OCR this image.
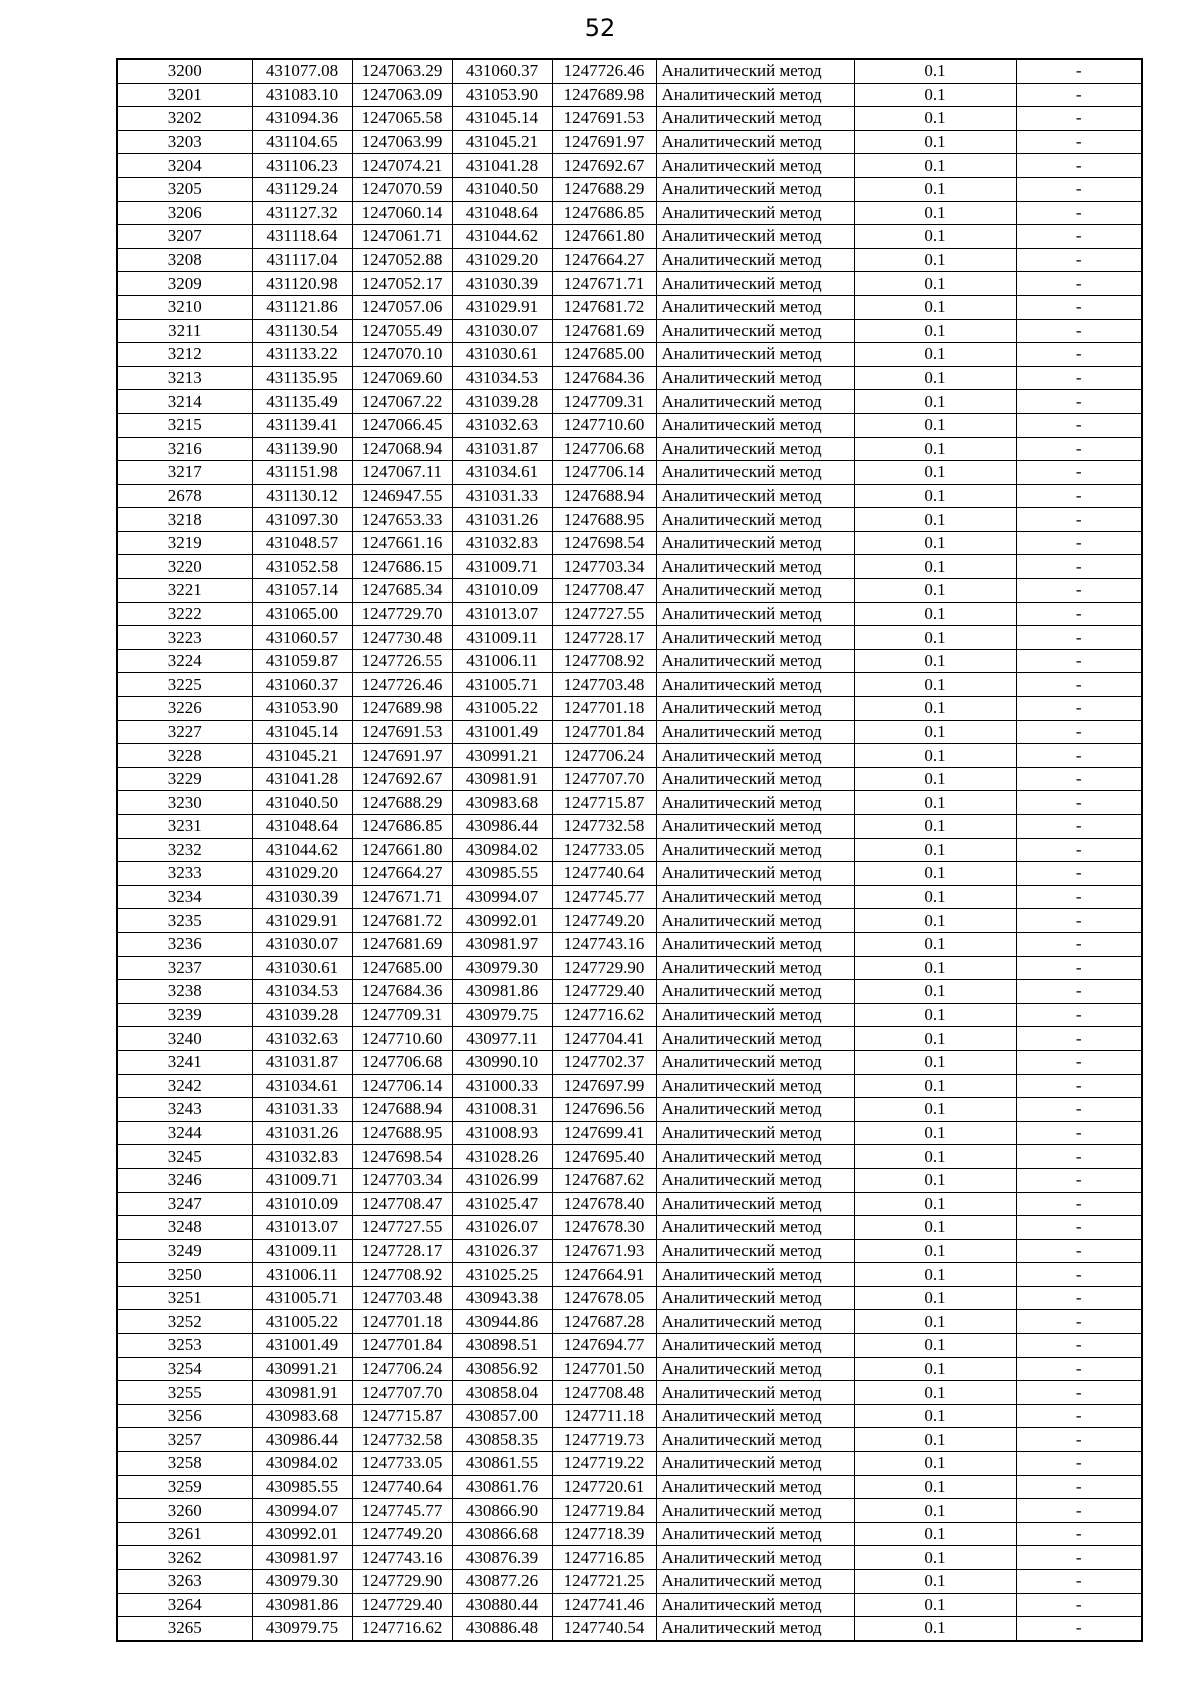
52
3200	431077.08	1247063.29	431060.37	1247726.46	Аналитический метод	0.1	-
3201	431083.10	1247063.09	431053.90	1247689.98	Аналитический метод	0.1	-
3202	431094.36	1247065.58	431045.14	1247691.53	Аналитический метод	0.1	-
3203	431104.65	1247063.99	431045.21	1247691.97	Аналитический метод	0.1	-
3204	431106.23	1247074.21	431041.28	1247692.67	Аналитический метод	0.1	-
3205	431129.24	1247070.59	431040.50	1247688.29	Аналитический метод	0.1	-
3206	431127.32	1247060.14	431048.64	1247686.85	Аналитический метод	0.1	-
3207	431118.64	1247061.71	431044.62	1247661.80	Аналитический метод	0.1	-
3208	431117.04	1247052.88	431029.20	1247664.27	Аналитический метод	0.1	-
3209	431120.98	1247052.17	431030.39	1247671.71	Аналитический метод	0.1	-
3210	431121.86	1247057.06	431029.91	1247681.72	Аналитический метод	0.1	-
3211	431130.54	1247055.49	431030.07	1247681.69	Аналитический метод	0.1	-
3212	431133.22	1247070.10	431030.61	1247685.00	Аналитический метод	0.1	-
3213	431135.95	1247069.60	431034.53	1247684.36	Аналитический метод	0.1	-
3214	431135.49	1247067.22	431039.28	1247709.31	Аналитический метод	0.1	-
3215	431139.41	1247066.45	431032.63	1247710.60	Аналитический метод	0.1	-
3216	431139.90	1247068.94	431031.87	1247706.68	Аналитический метод	0.1	-
3217	431151.98	1247067.11	431034.61	1247706.14	Аналитический метод	0.1	-
2678	431130.12	1246947.55	431031.33	1247688.94	Аналитический метод	0.1	-
3218	431097.30	1247653.33	431031.26	1247688.95	Аналитический метод	0.1	-
3219	431048.57	1247661.16	431032.83	1247698.54	Аналитический метод	0.1	-
3220	431052.58	1247686.15	431009.71	1247703.34	Аналитический метод	0.1	-
3221	431057.14	1247685.34	431010.09	1247708.47	Аналитический метод	0.1	-
3222	431065.00	1247729.70	431013.07	1247727.55	Аналитический метод	0.1	-
3223	431060.57	1247730.48	431009.11	1247728.17	Аналитический метод	0.1	-
3224	431059.87	1247726.55	431006.11	1247708.92	Аналитический метод	0.1	-
3225	431060.37	1247726.46	431005.71	1247703.48	Аналитический метод	0.1	-
3226	431053.90	1247689.98	431005.22	1247701.18	Аналитический метод	0.1	-
3227	431045.14	1247691.53	431001.49	1247701.84	Аналитический метод	0.1	-
3228	431045.21	1247691.97	430991.21	1247706.24	Аналитический метод	0.1	-
3229	431041.28	1247692.67	430981.91	1247707.70	Аналитический метод	0.1	-
3230	431040.50	1247688.29	430983.68	1247715.87	Аналитический метод	0.1	-
3231	431048.64	1247686.85	430986.44	1247732.58	Аналитический метод	0.1	-
3232	431044.62	1247661.80	430984.02	1247733.05	Аналитический метод	0.1	-
3233	431029.20	1247664.27	430985.55	1247740.64	Аналитический метод	0.1	-
3234	431030.39	1247671.71	430994.07	1247745.77	Аналитический метод	0.1	-
3235	431029.91	1247681.72	430992.01	1247749.20	Аналитический метод	0.1	-
3236	431030.07	1247681.69	430981.97	1247743.16	Аналитический метод	0.1	-
3237	431030.61	1247685.00	430979.30	1247729.90	Аналитический метод	0.1	-
3238	431034.53	1247684.36	430981.86	1247729.40	Аналитический метод	0.1	-
3239	431039.28	1247709.31	430979.75	1247716.62	Аналитический метод	0.1	-
3240	431032.63	1247710.60	430977.11	1247704.41	Аналитический метод	0.1	-
3241	431031.87	1247706.68	430990.10	1247702.37	Аналитический метод	0.1	-
3242	431034.61	1247706.14	431000.33	1247697.99	Аналитический метод	0.1	-
3243	431031.33	1247688.94	431008.31	1247696.56	Аналитический метод	0.1	-
3244	431031.26	1247688.95	431008.93	1247699.41	Аналитический метод	0.1	-
3245	431032.83	1247698.54	431028.26	1247695.40	Аналитический метод	0.1	-
3246	431009.71	1247703.34	431026.99	1247687.62	Аналитический метод	0.1	-
3247	431010.09	1247708.47	431025.47	1247678.40	Аналитический метод	0.1	-
3248	431013.07	1247727.55	431026.07	1247678.30	Аналитический метод	0.1	-
3249	431009.11	1247728.17	431026.37	1247671.93	Аналитический метод	0.1	-
3250	431006.11	1247708.92	431025.25	1247664.91	Аналитический метод	0.1	-
3251	431005.71	1247703.48	430943.38	1247678.05	Аналитический метод	0.1	-
3252	431005.22	1247701.18	430944.86	1247687.28	Аналитический метод	0.1	-
3253	431001.49	1247701.84	430898.51	1247694.77	Аналитический метод	0.1	-
3254	430991.21	1247706.24	430856.92	1247701.50	Аналитический метод	0.1	-
3255	430981.91	1247707.70	430858.04	1247708.48	Аналитический метод	0.1	-
3256	430983.68	1247715.87	430857.00	1247711.18	Аналитический метод	0.1	-
3257	430986.44	1247732.58	430858.35	1247719.73	Аналитический метод	0.1	-
3258	430984.02	1247733.05	430861.55	1247719.22	Аналитический метод	0.1	-
3259	430985.55	1247740.64	430861.76	1247720.61	Аналитический метод	0.1	-
3260	430994.07	1247745.77	430866.90	1247719.84	Аналитический метод	0.1	-
3261	430992.01	1247749.20	430866.68	1247718.39	Аналитический метод	0.1	-
3262	430981.97	1247743.16	430876.39	1247716.85	Аналитический метод	0.1	-
3263	430979.30	1247729.90	430877.26	1247721.25	Аналитический метод	0.1	-
3264	430981.86	1247729.40	430880.44	1247741.46	Аналитический метод	0.1	-
3265	430979.75	1247716.62	430886.48	1247740.54	Аналитический метод	0.1	-
